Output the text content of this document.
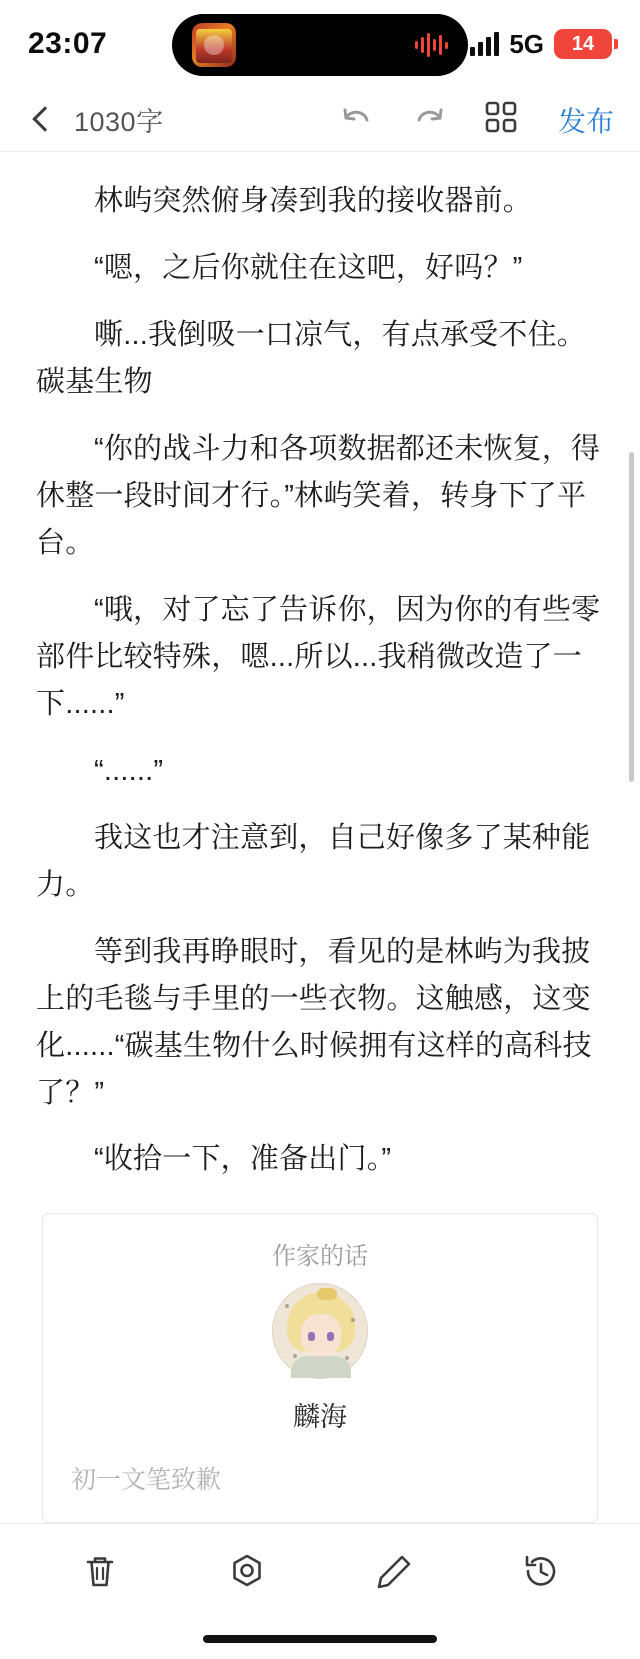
23:07	5G 14
1030字	发布

林屿突然俯身凑到我的接收器前。

“嗯，之后你就住在这吧，好吗？”

嘶...我倒吸一口凉气，有点承受不住。碳基生物

“你的战斗力和各项数据都还未恢复，得休整一段时间才行。”林屿笑着，转身下了平台。

“哦，对了忘了告诉你，因为你的有些零部件比较特殊，嗯...所以...我稍微改造了一下......”

“......”

我这也才注意到，自己好像多了某种能力。

等到我再睁眼时，看见的是林屿为我披上的毛毯与手里的一些衣物。这触感，这变化......“碳基生物什么时候拥有这样的高科技了？”

“收拾一下，准备出门。”

作家的话
麟海
初一文笔致歉
